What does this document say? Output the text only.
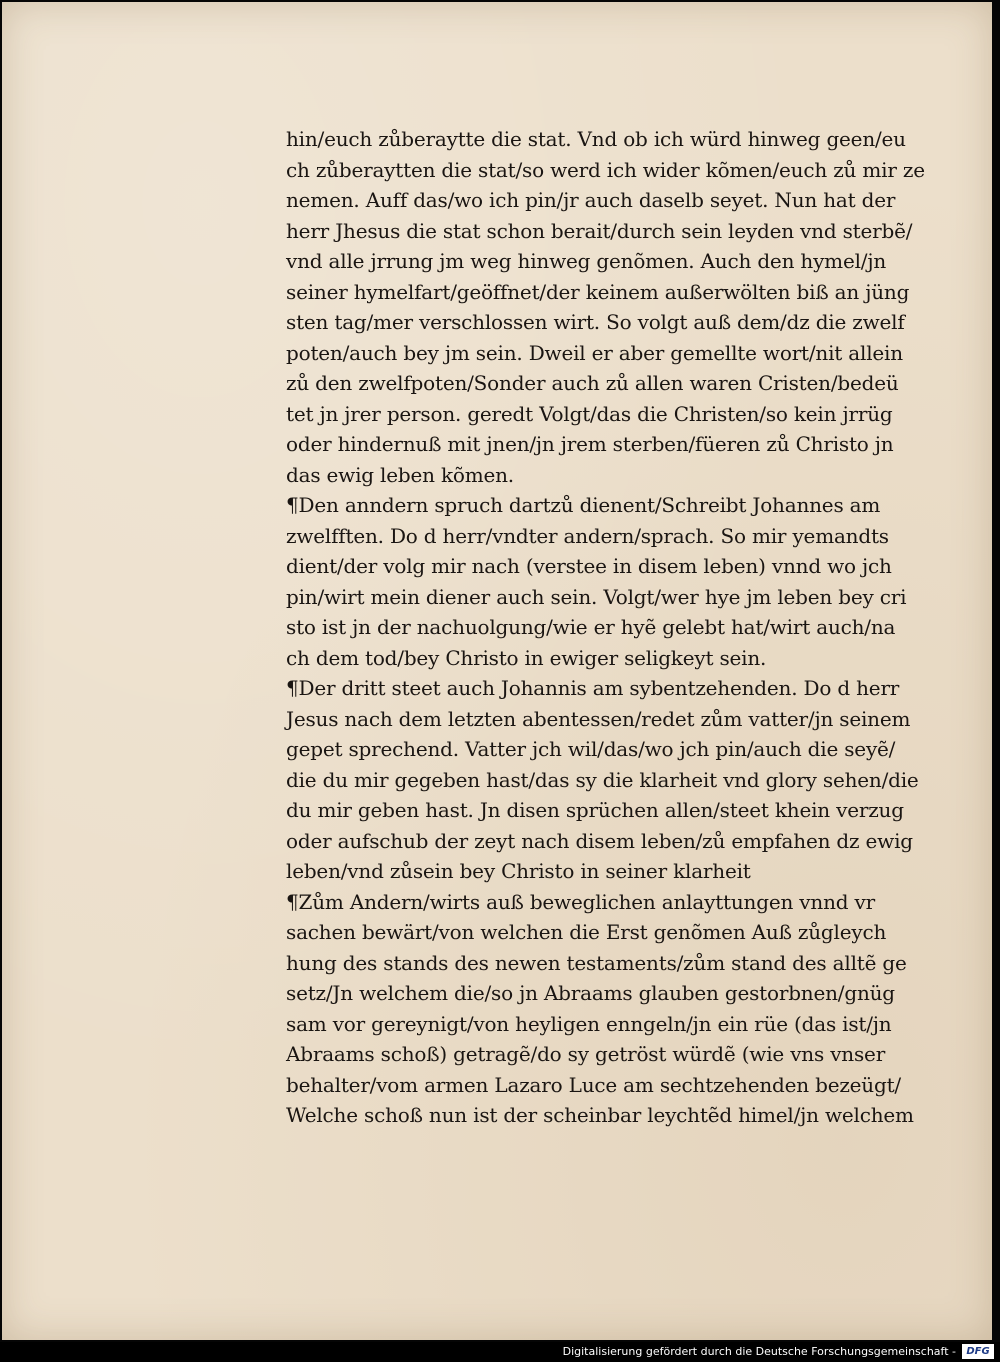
hin/euch zůberaytte die stat. Vnd ob ich würd hinweg geen/eu
ch zůberaytten die stat/so werd ich wider kõmen/euch zů mir ze
nemen. Auff das/wo ich pin/jr auch daselb seyet. Nun hat der
herr Jhesus die stat schon berait/durch sein leyden vnd sterbẽ/
vnd alle jrrung jm weg hinweg genõmen. Auch den hymel/jn
seiner hymelfart/geöffnet/der keinem außerwölten biß an jüng
sten tag/mer verschlossen wirt. So volgt auß dem/dz die zwelf
poten/auch bey jm sein. Dweil er aber gemellte wort/nit allein
zů den zwelfpoten/Sonder auch zů allen waren Cristen/bedeü
tet jn jrer person. geredt Volgt/das die Christen/so kein jrrüg
oder hindernuß mit jnen/jn jrem sterben/füeren zů Christo jn
das ewig leben kõmen.
¶Den anndern spruch dartzů dienent/Schreibt Johannes am
zwelfften. Do d herr/vndter andern/sprach. So mir yemandts
dient/der volg mir nach (verstee in disem leben) vnnd wo jch
pin/wirt mein diener auch sein. Volgt/wer hye jm leben bey cri
sto ist jn der nachuolgung/wie er hyẽ gelebt hat/wirt auch/na
ch dem tod/bey Christo in ewiger seligkeyt sein.
¶Der dritt steet auch Johannis am sybentzehenden. Do d herr
Jesus nach dem letzten abentessen/redet zům vatter/jn seinem
gepet sprechend. Vatter jch wil/das/wo jch pin/auch die seyẽ/
die du mir gegeben hast/das sy die klarheit vnd glory sehen/die
du mir geben hast. Jn disen sprüchen allen/steet khein verzug
oder aufschub der zeyt nach disem leben/zů empfahen dz ewig
leben/vnd zůsein bey Christo in seiner klarheit
¶Zům Andern/wirts auß beweglichen anlayttungen vnnd vr
sachen bewärt/von welchen die Erst genõmen Auß zůgleych
hung des stands des newen testaments/zům stand des alltẽ ge
setz/Jn welchem die/so jn Abraams glauben gestorbnen/gnüg
sam vor gereynigt/von heyligen enngeln/jn ein rüe (das ist/jn
Abraams schoß) getragẽ/do sy getröst würdẽ (wie vns vnser
behalter/vom armen Lazaro Luce am sechtzehenden bezeügt/
Welche schoß nun ist der scheinbar leychtẽd himel/jn welchem
Digitalisierung gefördert durch die Deutsche Forschungsgemeinschaft -	DFG
